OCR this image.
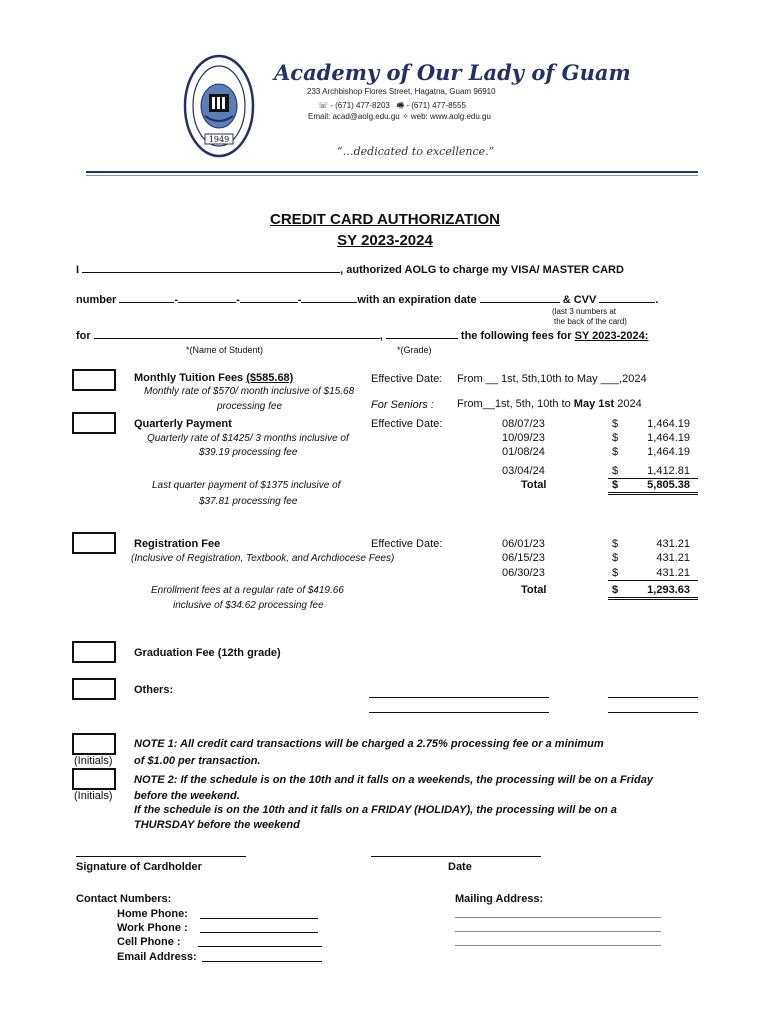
1949
Academy of Our Lady of Guam
233 Archbishop Flores Street, Hagatna, Guam 96910
☏ - (671) 477-8203 🖷 - (671) 477-8555
Email: acad@aolg.edu.gu ✧ web: www.aolg.edu.gu
“…dedicated to excellence.”
CREDIT CARD AUTHORIZATION
SY 2023-2024
I	, authorized AOLG to charge my VISA/ MASTER CARD
number	-	-	-	with an expiration date	& CVV	.
(last 3 numbers at
the back of the card)
for	,	the following fees for SY 2023-2024:
*(Name of Student)	*(Grade)
Monthly Tuition Fees ($585.68)
Monthly rate of $570/ month inclusive of $15.68
processing fee
Effective Date: From __ 1st, 5th,10th to May ___,2024
For Seniors : From__1st, 5th, 10th to May 1st 2024
Quarterly Payment
Quarterly rate of $1425/ 3 months inclusive of
$39.19 processing fee
Effective Date:	08/07/23	$	1,464.19
10/09/23	$	1,464.19
01/08/24	$	1,464.19
03/04/24	$	1,412.81
Last quarter payment of $1375 inclusive of
$37.81 processing fee
Total	$	5,805.38
Registration Fee
(Inclusive of Registration, Textbook, and Archdiocese Fees)
Effective Date:	06/01/23	$	431.21
06/15/23	$	431.21
06/30/23	$	431.21
Enrollment fees at a regular rate of $419.66
inclusive of $34.62 processing fee
Total	$	1,293.63
Graduation Fee (12th grade)
Others:
(Initials)
NOTE 1: All credit card transactions will be charged a 2.75% processing fee or a minimum
of $1.00 per transaction.
(Initials)
NOTE 2: If the schedule is on the 10th and it falls on a weekends, the processing will be on a Friday
before the weekend.
If the schedule is on the 10th and it falls on a FRIDAY (HOLIDAY), the processing will be on a
THURSDAY before the weekend
Signature of Cardholder	Date
Contact Numbers:
Home Phone:
Work Phone :
Cell Phone :
Email Address:
Mailing Address:
